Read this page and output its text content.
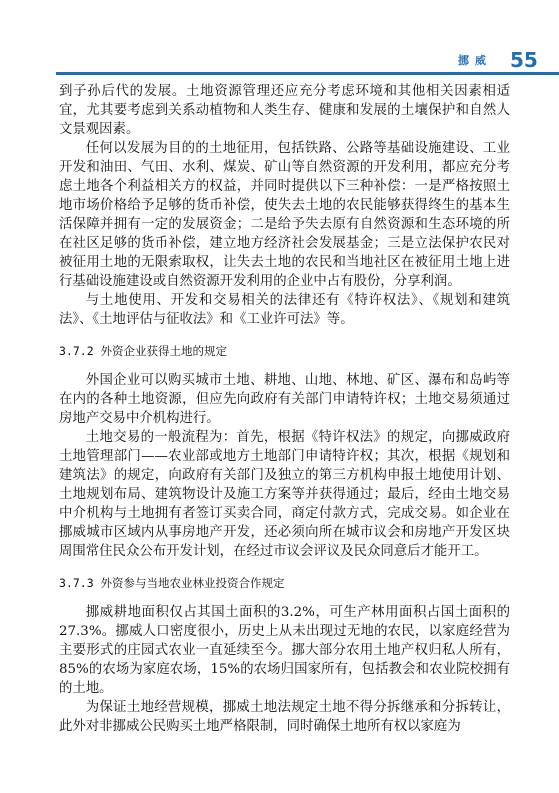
挪威 55

到子孙后代的发展。土地资源管理还应充分考虑环境和其他相关因素相适宜，尤其要考虑到关系动植物和人类生存、健康和发展的土壤保护和自然人文景观因素。

任何以发展为目的的土地征用，包括铁路、公路等基础设施建设、工业开发和油田、气田、水利、煤炭、矿山等自然资源的开发利用，都应充分考虑土地各个利益相关方的权益，并同时提供以下三种补偿：一是严格按照土地市场价格给予足够的货币补偿，使失去土地的农民能够获得终生的基本生活保障并拥有一定的发展资金；二是给予失去原有自然资源和生态环境的所在社区足够的货币补偿，建立地方经济社会发展基金；三是立法保护农民对被征用土地的无限索取权，让失去土地的农民和当地社区在被征用土地上进行基础设施建设或自然资源开发利用的企业中占有股份，分享利润。

与土地使用、开发和交易相关的法律还有《特许权法》、《规划和建筑法》、《土地评估与征收法》和《工业许可法》等。

3.7.2 外资企业获得土地的规定

外国企业可以购买城市土地、耕地、山地、林地、矿区、瀑布和岛屿等在内的各种土地资源，但应先向政府有关部门申请特许权；土地交易须通过房地产交易中介机构进行。

土地交易的一般流程为：首先，根据《特许权法》的规定，向挪威政府土地管理部门——农业部或地方土地部门申请特许权；其次，根据《规划和建筑法》的规定，向政府有关部门及独立的第三方机构申报土地使用计划、土地规划布局、建筑物设计及施工方案等并获得通过；最后，经由土地交易中介机构与土地拥有者签订买卖合同，商定付款方式，完成交易。如企业在挪威城市区域内从事房地产开发，还必须向所在城市议会和房地产开发区块周围常住民众公布开发计划，在经过市议会评议及民众同意后才能开工。

3.7.3 外资参与当地农业林业投资合作规定

挪威耕地面积仅占其国土面积的3.2%，可生产林用面积占国土面积的27.3%。挪威人口密度很小，历史上从未出现过无地的农民，以家庭经营为主要形式的庄园式农业一直延续至今。挪大部分农用土地产权归私人所有，85%的农场为家庭农场，15%的农场归国家所有，包括教会和农业院校拥有的土地。

为保证土地经营规模，挪威土地法规定土地不得分拆继承和分拆转让，此外对非挪威公民购买土地严格限制，同时确保土地所有权以家庭为
